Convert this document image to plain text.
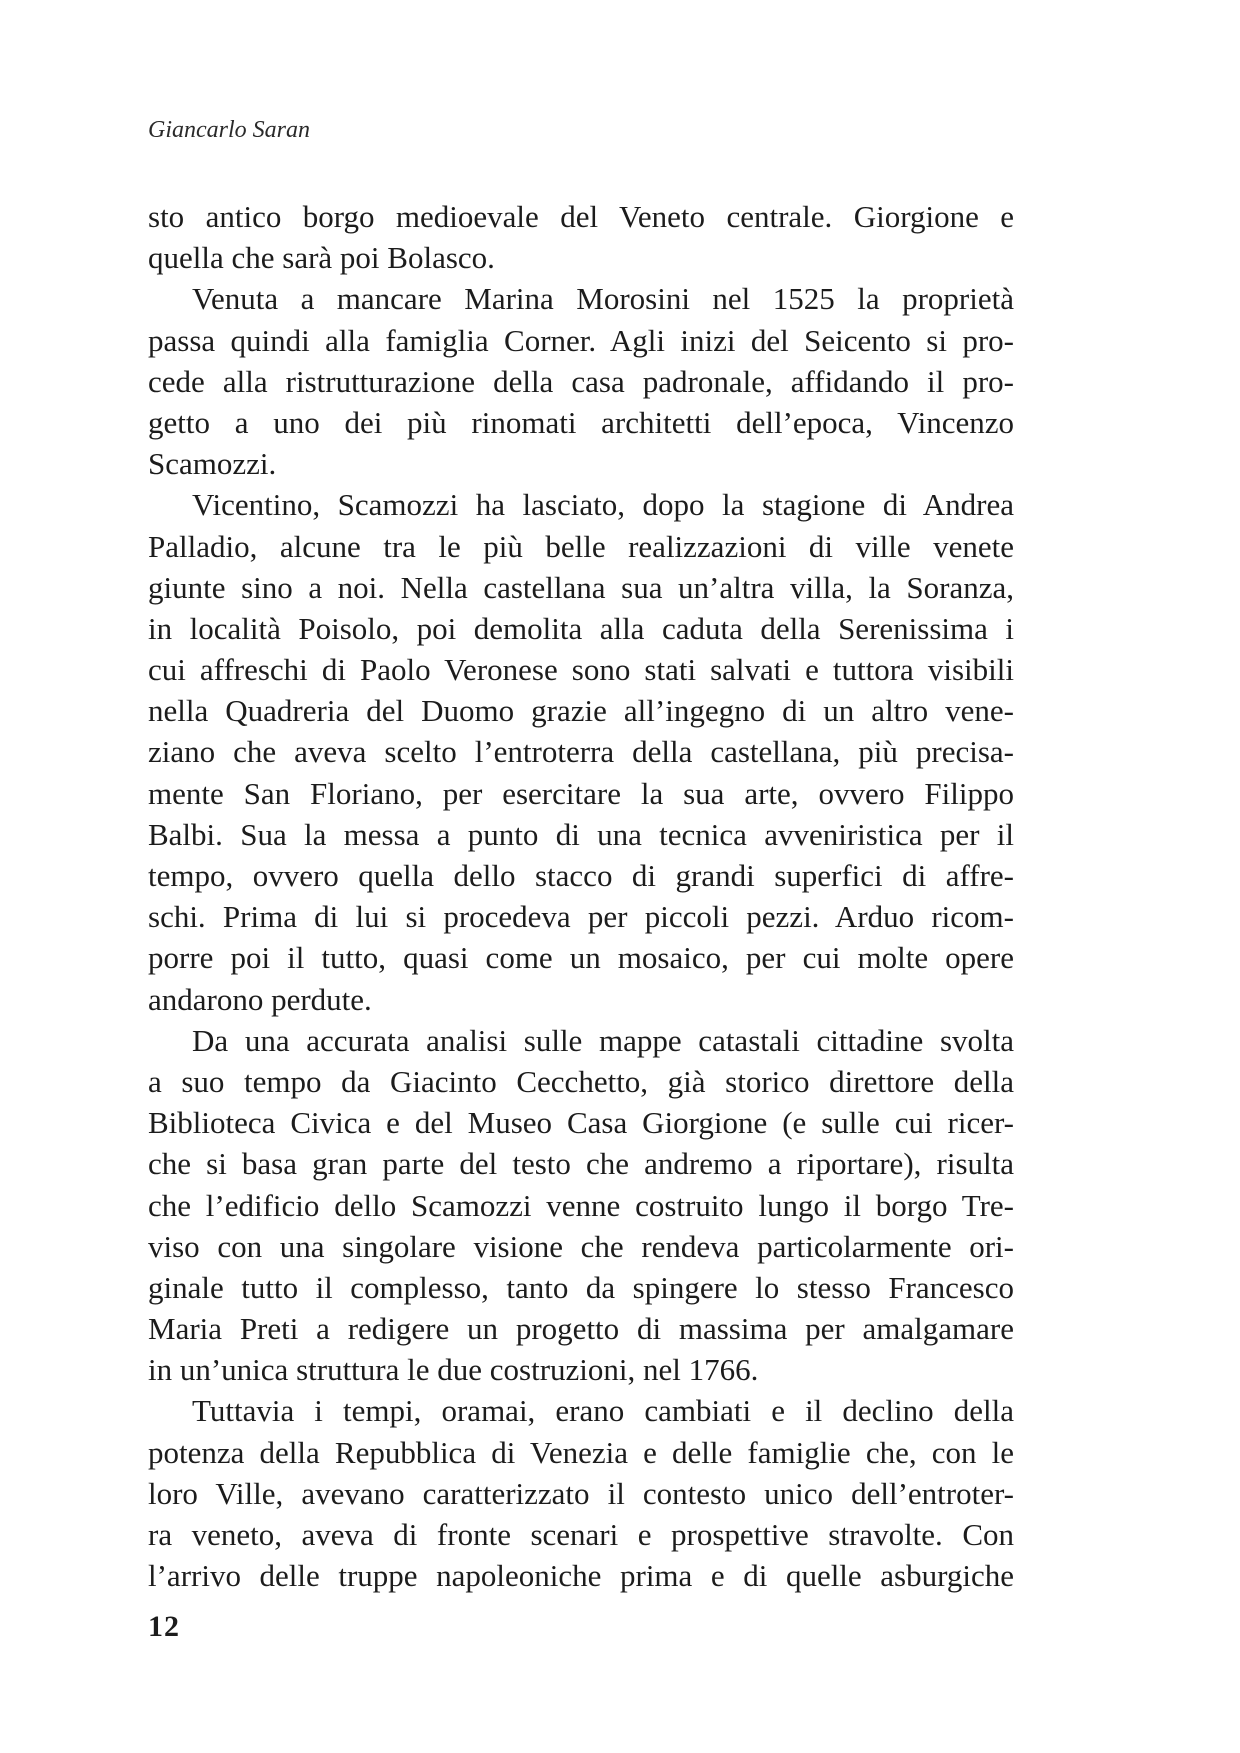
Giancarlo Saran
sto antico borgo medioevale del Veneto centrale. Giorgione e
quella che sarà poi Bolasco.
Venuta a mancare Marina Morosini nel 1525 la proprietà
passa quindi alla famiglia Corner. Agli inizi del Seicento si pro-
cede alla ristrutturazione della casa padronale, affidando il pro-
getto a uno dei più rinomati architetti dell’epoca, Vincenzo
Scamozzi.
Vicentino, Scamozzi ha lasciato, dopo la stagione di Andrea
Palladio, alcune tra le più belle realizzazioni di ville venete
giunte sino a noi. Nella castellana sua un’altra villa, la Soranza,
in località Poisolo, poi demolita alla caduta della Serenissima i
cui affreschi di Paolo Veronese sono stati salvati e tuttora visibili
nella Quadreria del Duomo grazie all’ingegno di un altro vene-
ziano che aveva scelto l’entroterra della castellana, più precisa-
mente San Floriano, per esercitare la sua arte, ovvero Filippo
Balbi. Sua la messa a punto di una tecnica avveniristica per il
tempo, ovvero quella dello stacco di grandi superfici di affre-
schi. Prima di lui si procedeva per piccoli pezzi. Arduo ricom-
porre poi il tutto, quasi come un mosaico, per cui molte opere
andarono perdute.
Da una accurata analisi sulle mappe catastali cittadine svolta
a suo tempo da Giacinto Cecchetto, già storico direttore della
Biblioteca Civica e del Museo Casa Giorgione (e sulle cui ricer-
che si basa gran parte del testo che andremo a riportare), risulta
che l’edificio dello Scamozzi venne costruito lungo il borgo Tre-
viso con una singolare visione che rendeva particolarmente ori-
ginale tutto il complesso, tanto da spingere lo stesso Francesco
Maria Preti a redigere un progetto di massima per amalgamare
in un’unica struttura le due costruzioni, nel 1766.
Tuttavia i tempi, oramai, erano cambiati e il declino della
potenza della Repubblica di Venezia e delle famiglie che, con le
loro Ville, avevano caratterizzato il contesto unico dell’entroter-
ra veneto, aveva di fronte scenari e prospettive stravolte. Con
l’arrivo delle truppe napoleoniche prima e di quelle asburgiche
12
